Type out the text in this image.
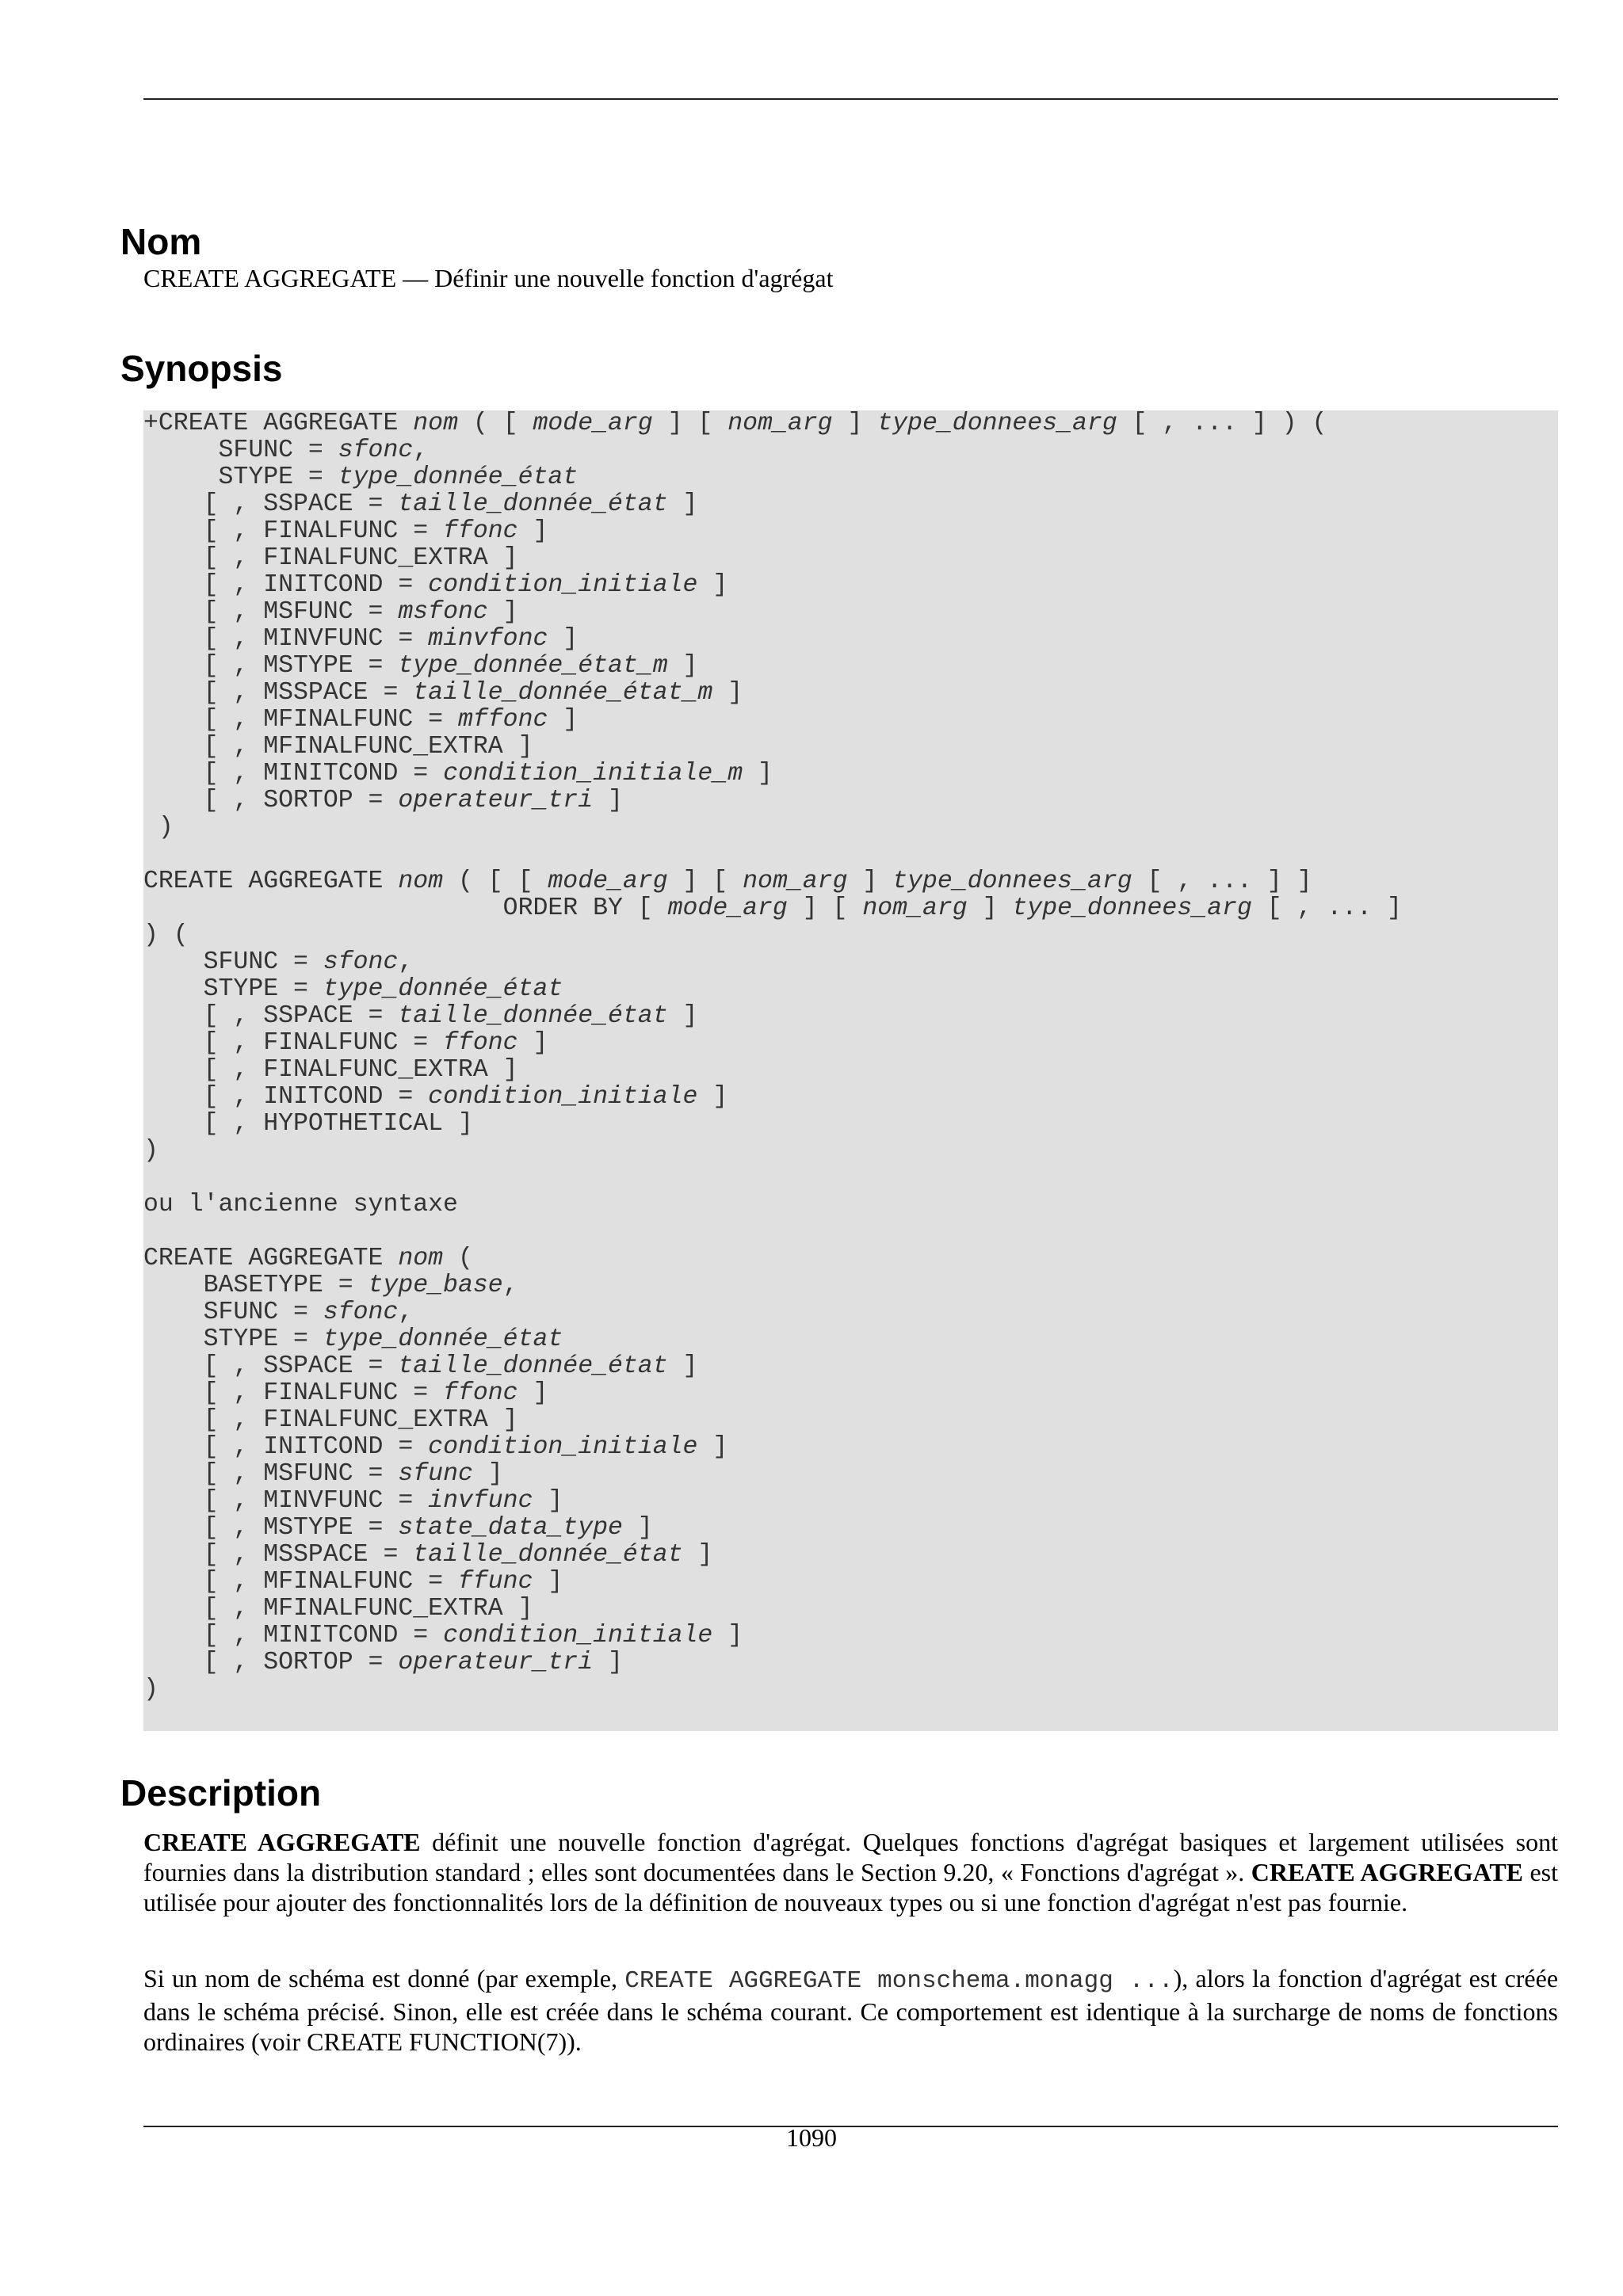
Nom
CREATE AGGREGATE — Définir une nouvelle fonction d'agrégat
Synopsis
+CREATE AGGREGATE nom ( [ mode_arg ] [ nom_arg ] type_donnees_arg [ , ... ] ) (
SFUNC = sfonc,
STYPE = type_donnée_état
[ , SSPACE = taille_donnée_état ]
[ , FINALFUNC = ffonc ]
[ , FINALFUNC_EXTRA ]
[ , INITCOND = condition_initiale ]
[ , MSFUNC = msfonc ]
[ , MINVFUNC = minvfonc ]
[ , MSTYPE = type_donnée_état_m ]
[ , MSSPACE = taille_donnée_état_m ]
[ , MFINALFUNC = mffonc ]
[ , MFINALFUNC_EXTRA ]
[ , MINITCOND = condition_initiale_m ]
[ , SORTOP = operateur_tri ]
)

CREATE AGGREGATE nom ( [ [ mode_arg ] [ nom_arg ] type_donnees_arg [ , ... ] ]
ORDER BY [ mode_arg ] [ nom_arg ] type_donnees_arg [ , ... ]
) (
SFUNC = sfonc,
STYPE = type_donnée_état
[ , SSPACE = taille_donnée_état ]
[ , FINALFUNC = ffonc ]
[ , FINALFUNC_EXTRA ]
[ , INITCOND = condition_initiale ]
[ , HYPOTHETICAL ]
)

ou l'ancienne syntaxe

CREATE AGGREGATE nom (
BASETYPE = type_base,
SFUNC = sfonc,
STYPE = type_donnée_état
[ , SSPACE = taille_donnée_état ]
[ , FINALFUNC = ffonc ]
[ , FINALFUNC_EXTRA ]
[ , INITCOND = condition_initiale ]
[ , MSFUNC = sfunc ]
[ , MINVFUNC = invfunc ]
[ , MSTYPE = state_data_type ]
[ , MSSPACE = taille_donnée_état ]
[ , MFINALFUNC = ffunc ]
[ , MFINALFUNC_EXTRA ]
[ , MINITCOND = condition_initiale ]
[ , SORTOP = operateur_tri ]
)
Description

CREATE AGGREGATE définit une nouvelle fonction d'agrégat. Quelques fonctions d'agrégat basiques et largement utilisées sont fournies dans la distribution standard ; elles sont documentées dans le Section 9.20, « Fonctions d'agrégat ». CREATE AGGREGATE est utilisée pour ajouter des fonctionnalités lors de la définition de nouveaux types ou si une fonction d'agrégat n'est pas fournie.

Si un nom de schéma est donné (par exemple, CREATE AGGREGATE monschema.monagg ...), alors la fonction d'agrégat est créée dans le schéma précisé. Sinon, elle est créée dans le schéma courant. Ce comportement est identique à la surcharge de noms de fonctions ordinaires (voir CREATE FUNCTION(7)).

1090
